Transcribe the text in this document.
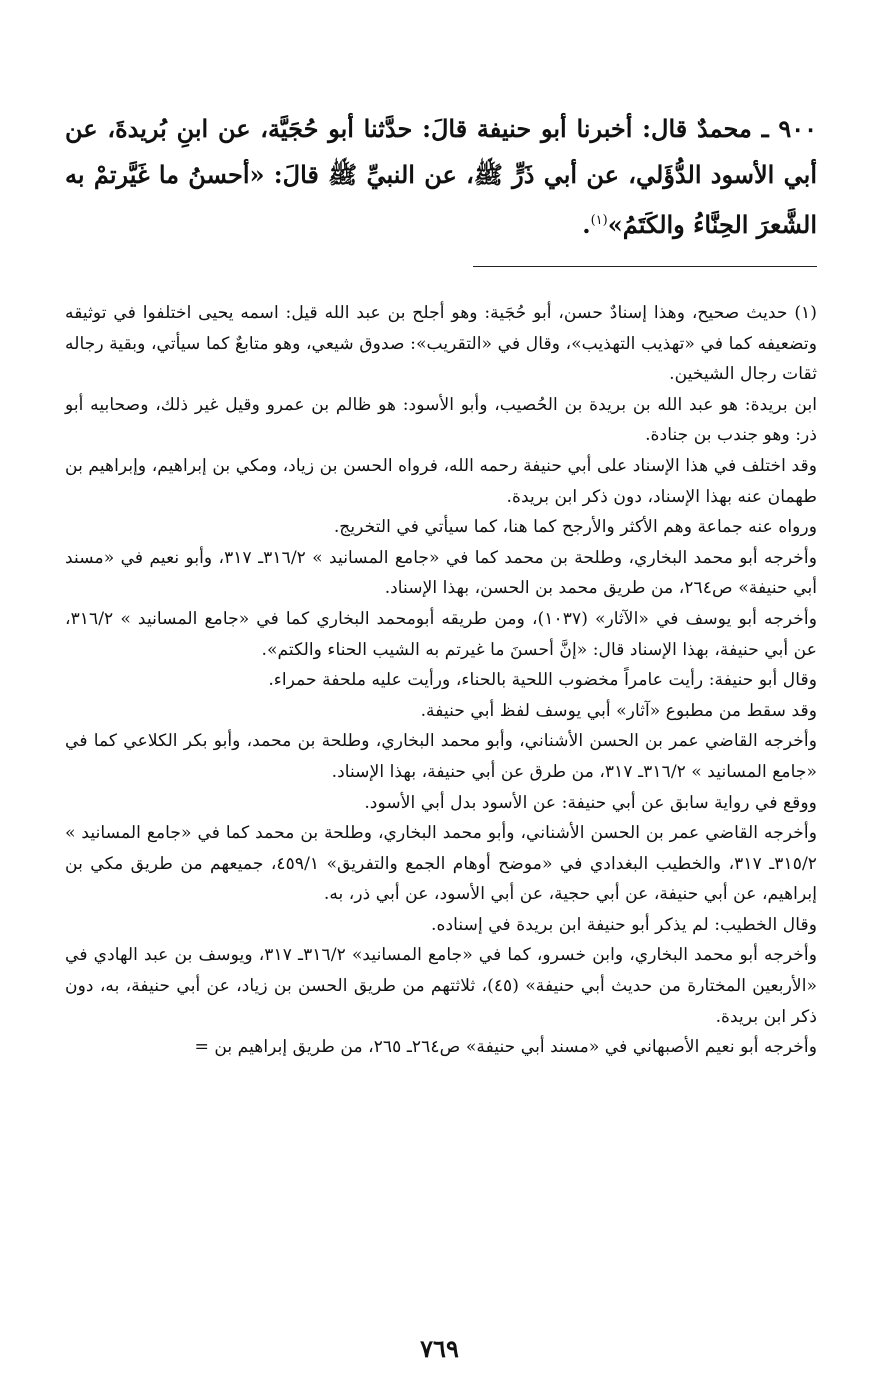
٩٠٠ ـ محمدٌ قال: أخبرنا أبو حنيفة قالَ: حدَّثنا أبو حُجَيَّة، عن ابنِ بُريدةَ، عن أبي الأسود الدُّؤَلي، عن أبي ذَرٍّ ﷺ، عن النبيِّ ﷺ قالَ: «أحسنُ ما غَيَّرتمْ به الشَّعرَ الحِنَّاءُ والكَتَمُ»$^{(١)}$.

(١) حديث صحيح، وهذا إسنادٌ حسن، أبو حُجَية: وهو أجلح بن عبد الله قيل: اسمه يحيى اختلفوا في توثيقه وتضعيفه كما في «تهذيب التهذيب»، وقال في «التقريب»: صدوق شيعي، وهو متابعٌ كما سيأتي، وبقية رجاله ثقات رجال الشيخين.

ابن بريدة: هو عبد الله بن بريدة بن الحُصيب، وأبو الأسود: هو ظالم بن عمرو وقيل غير ذلك، وصحابيه أبو ذر: وهو جندب بن جنادة.

وقد اختلف في هذا الإسناد على أبي حنيفة رحمه الله، فرواه الحسن بن زياد، ومكي بن إبراهيم، وإبراهيم بن طهمان عنه بهذا الإسناد، دون ذكر ابن بريدة.

ورواه عنه جماعة وهم الأكثر والأرجح كما هنا، كما سيأتي في التخريج.

وأخرجه أبو محمد البخاري، وطلحة بن محمد كما في «جامع المسانيد » ٣١٦/٢ـ ٣١٧، وأبو نعيم في «مسند أبي حنيفة» ص٢٦٤، من طريق محمد بن الحسن، بهذا الإسناد.

وأخرجه أبو يوسف في «الآثار» (١٠٣٧)، ومن طريقه أبومحمد البخاري كما في «جامع المسانيد » ٣١٦/٢، عن أبي حنيفة، بهذا الإسناد قال: «إنَّ أحسنَ ما غيرتم به الشيب الحناء والكتم».

وقال أبو حنيفة: رأيت عامراً مخضوب اللحية بالحناء، ورأيت عليه ملحفة حمراء.

وقد سقط من مطبوع «آثار» أبي يوسف لفظ أبي حنيفة.

وأخرجه القاضي عمر بن الحسن الأشناني، وأبو محمد البخاري، وطلحة بن محمد، وأبو بكر الكلاعي كما في «جامع المسانيد » ٣١٦/٢ـ ٣١٧، من طرق عن أبي حنيفة، بهذا الإسناد.

ووقع في رواية سابق عن أبي حنيفة: عن الأسود بدل أبي الأسود.

وأخرجه القاضي عمر بن الحسن الأشناني، وأبو محمد البخاري، وطلحة بن محمد كما في «جامع المسانيد » ٣١٥/٢ـ ٣١٧، والخطيب البغدادي في «موضح أوهام الجمع والتفريق» ٤٥٩/١، جميعهم من طريق مكي بن إبراهيم، عن أبي حنيفة، عن أبي حجية، عن أبي الأسود، عن أبي ذر، به.

وقال الخطيب: لم يذكر أبو حنيفة ابن بريدة في إسناده.

وأخرجه أبو محمد البخاري، وابن خسرو، كما في «جامع المسانيد» ٣١٦/٢ـ ٣١٧، ويوسف بن عبد الهادي في «الأربعين المختارة من حديث أبي حنيفة» (٤٥)، ثلاثتهم من طريق الحسن بن زياد، عن أبي حنيفة، به، دون ذكر ابن بريدة.

وأخرجه أبو نعيم الأصبهاني في «مسند أبي حنيفة» ص٢٦٤ـ ٢٦٥، من طريق إبراهيم بن =

٧٦٩
